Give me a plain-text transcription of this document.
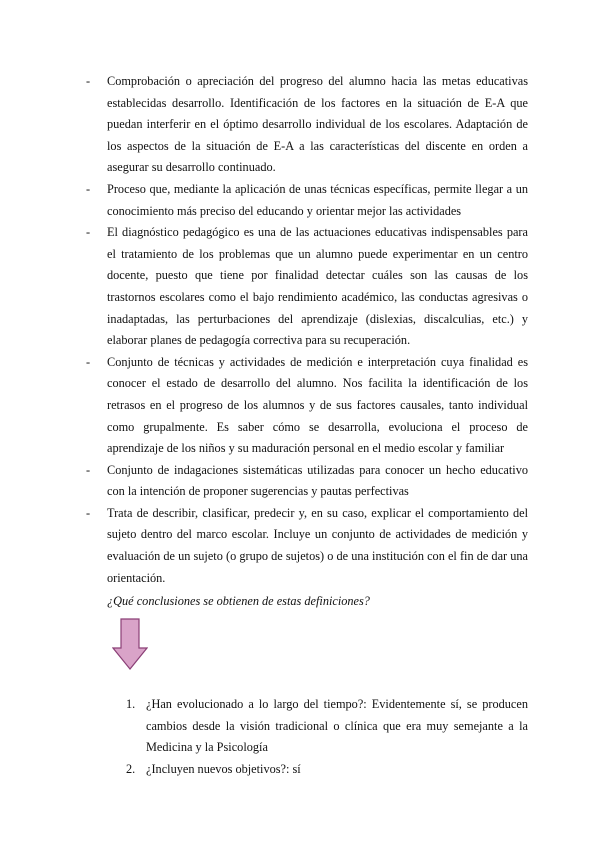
- Comprobación o apreciación del progreso del alumno hacia las metas educativas establecidas desarrollo. Identificación de los factores en la situación de E-A que puedan interferir en el óptimo desarrollo individual de los escolares. Adaptación de los aspectos de la situación de E-A a las características del discente en orden a asegurar su desarrollo continuado.
- Proceso que, mediante la aplicación de unas técnicas específicas, permite llegar a un conocimiento más preciso del educando y orientar mejor las actividades
- El diagnóstico pedagógico es una de las actuaciones educativas indispensables para el tratamiento de los problemas que un alumno puede experimentar en un centro docente, puesto que tiene por finalidad detectar cuáles son las causas de los trastornos escolares como el bajo rendimiento académico, las conductas agresivas o inadaptadas, las perturbaciones del aprendizaje (dislexias, discalculias, etc.) y elaborar planes de pedagogía correctiva para su recuperación.
- Conjunto de técnicas y actividades de medición e interpretación cuya finalidad es conocer el estado de desarrollo del alumno. Nos facilita la identificación de los retrasos en el progreso de los alumnos y de sus factores causales, tanto individual como grupalmente. Es saber cómo se desarrolla, evoluciona el proceso de aprendizaje de los niños y su maduración personal en el medio escolar y familiar
- Conjunto de indagaciones sistemáticas utilizadas para conocer un hecho educativo con la intención de proponer sugerencias y pautas perfectivas
- Trata de describir, clasificar, predecir y, en su caso, explicar el comportamiento del sujeto dentro del marco escolar. Incluye un conjunto de actividades de medición y evaluación de un sujeto (o grupo de sujetos) o de una institución con el fin de dar una orientación.
¿Qué conclusiones se obtienen de estas definiciones?
1. ¿Han evolucionado a lo largo del tiempo?: Evidentemente sí, se producen cambios desde la visión tradicional o clínica que era muy semejante a la Medicina y la Psicología
2. ¿Incluyen nuevos objetivos?: sí
